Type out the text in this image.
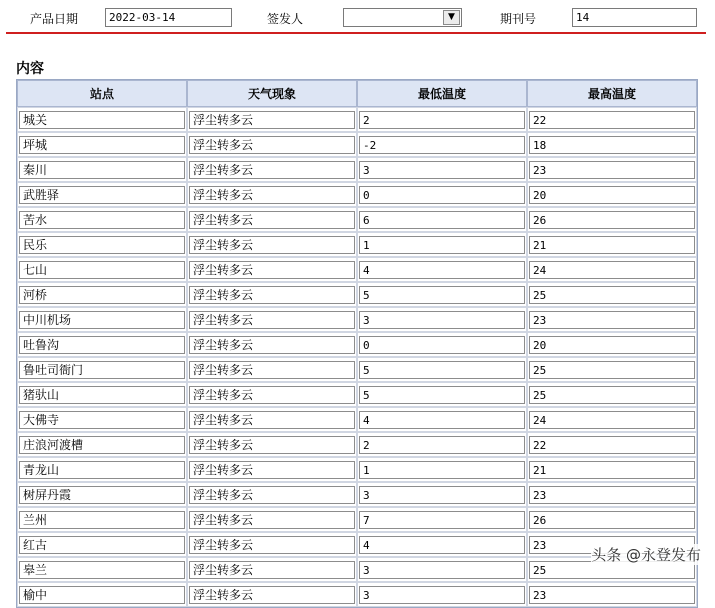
产品日期	2022-03-14	签发人	▼	期刊号	14
内容
站点	天气现象	最低温度	最高温度

城关	浮尘转多云	2	22

坪城	浮尘转多云	-2	18

秦川	浮尘转多云	3	23

武胜驿	浮尘转多云	0	20

苦水	浮尘转多云	6	26

民乐	浮尘转多云	1	21

七山	浮尘转多云	4	24

河桥	浮尘转多云	5	25

中川机场	浮尘转多云	3	23

吐鲁沟	浮尘转多云	0	20

鲁吐司衙门	浮尘转多云	5	25

猪驮山	浮尘转多云	5	25

大佛寺	浮尘转多云	4	24

庄浪河渡槽	浮尘转多云	2	22

青龙山	浮尘转多云	1	21

树屏丹霞	浮尘转多云	3	23

兰州	浮尘转多云	7	26

红古	浮尘转多云	4	23

皋兰	浮尘转多云	3	25

榆中	浮尘转多云	3	23
头条 @永登发布
